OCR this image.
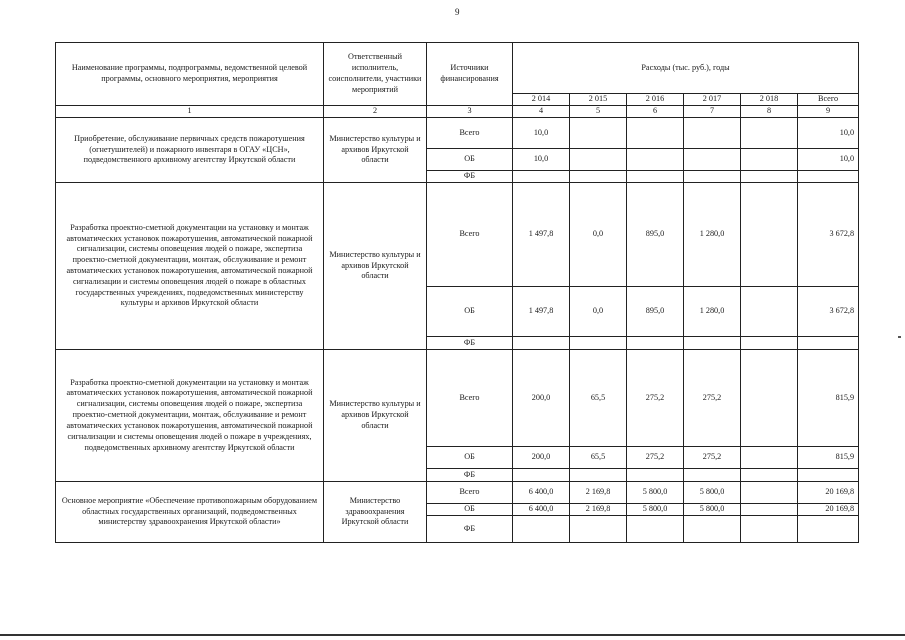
9
Наименование программы, подпрограммы, ведомственной целевой программы, основного мероприятия, мероприятия	Ответственный исполнитель, соисполнители, участники мероприятий	Источники финансирования	Расходы (тыс. руб.), годы					
			2 014	2 015	2 016	2 017	2 018	Всего
1	2	3	4	5	6	7	8	9
Приобретение, обслуживание первичных средств пожаротушения (огнетушителей) и пожарного инвентаря в ОГАУ «ЦСН», подведомственного архивному агентству Иркутской области	Министерство культуры и архивов Иркутской области	Всего	10,0					10,0
		ОБ	10,0					10,0
		ФБ						
Разработка проектно-сметной документации на установку и монтаж автоматических установок пожаротушения, автоматической пожарной сигнализации, системы оповещения людей о пожаре, экспертиза проектно-сметной документации, монтаж, обслуживание и ремонт автоматических установок пожаротушения, автоматической пожарной сигнализации и системы оповещения людей о пожаре в областных государственных учреждениях, подведомственных министерству культуры и архивов Иркутской области	Министерство культуры и архивов Иркутской области	Всего	1 497,8	0,0	895,0	1 280,0		3 672,8
		ОБ	1 497,8	0,0	895,0	1 280,0		3 672,8
		ФБ						
Разработка проектно-сметной документации на установку и монтаж автоматических установок пожаротушения, автоматической пожарной сигнализации, системы оповещения людей о пожаре, экспертиза проектно-сметной документации, монтаж, обслуживание и ремонт автоматических установок пожаротушения, автоматической пожарной сигнализации и системы оповещения людей о пожаре в учреждениях, подведомственных архивному агентству Иркутской области	Министерство культуры и архивов Иркутской области	Всего	200,0	65,5	275,2	275,2		815,9
		ОБ	200,0	65,5	275,2	275,2		815,9
		ФБ						
Основное мероприятие «Обеспечение противопожарным оборудованием областных государственных организаций, подведомственных министерству здравоохранения Иркутской области»	Министерство здравоохранения Иркутской области	Всего	6 400,0	2 169,8	5 800,0	5 800,0		20 169,8
		ОБ	6 400,0	2 169,8	5 800,0	5 800,0		20 169,8
		ФБ						
